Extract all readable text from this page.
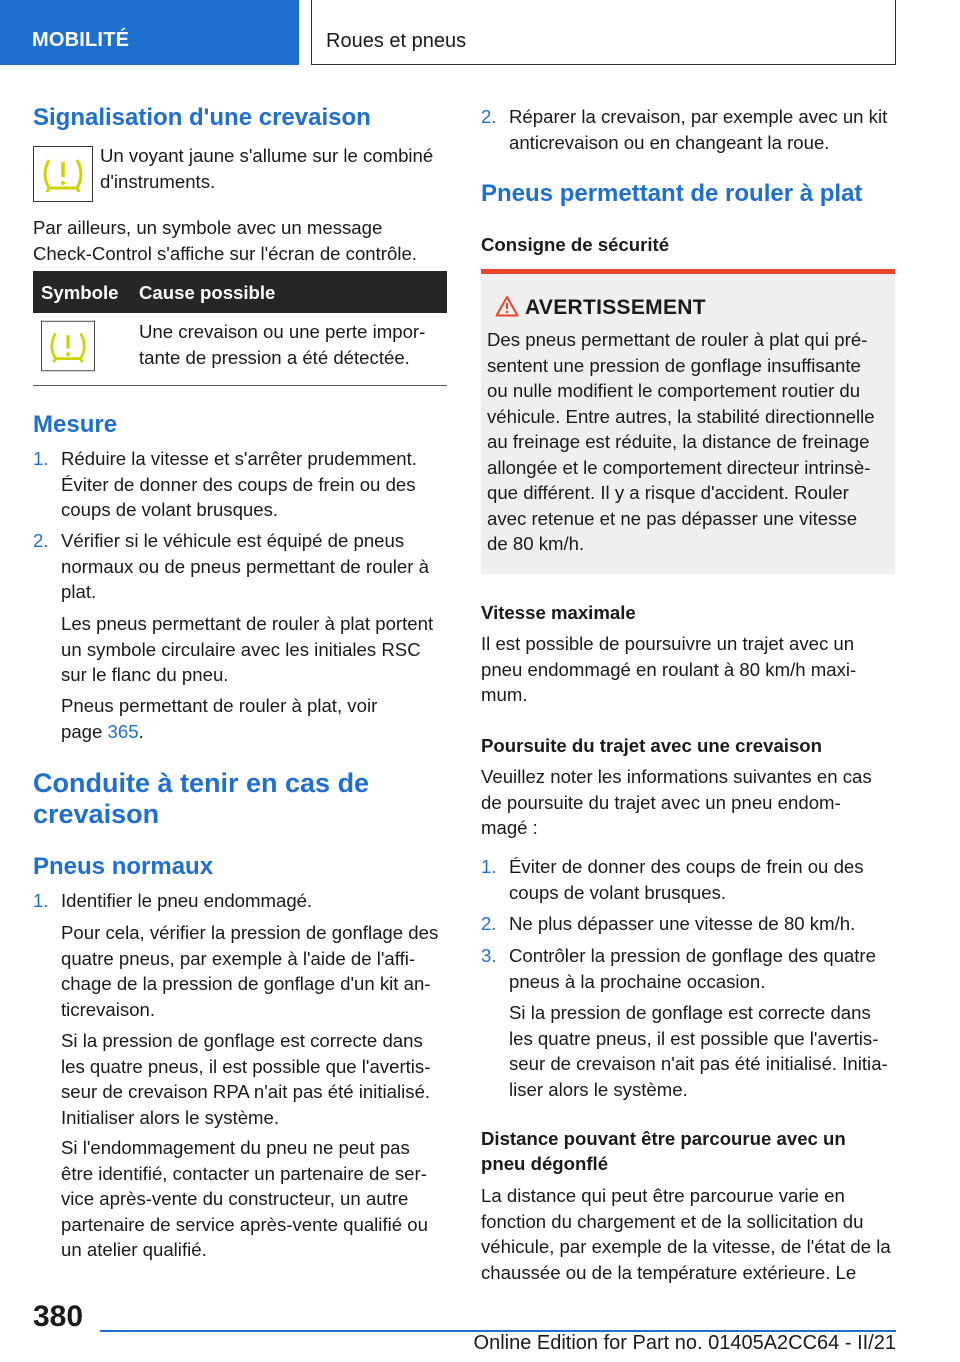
MOBILITÉ	Roues et pneus
Signalisation d'une crevaison
Un voyant jaune s'allume sur le combiné
d'instruments.
Par ailleurs, un symbole avec un message
Check-Control s'affiche sur l'écran de contrôle.
Symbole Cause possible
Une crevaison ou une perte impor-
tante de pression a été détectée.
Mesure
1. Réduire la vitesse et s'arrêter prudemment.
Éviter de donner des coups de frein ou des
coups de volant brusques.
2. Vérifier si le véhicule est équipé de pneus
normaux ou de pneus permettant de rouler à
plat.
Les pneus permettant de rouler à plat portent
un symbole circulaire avec les initiales RSC
sur le flanc du pneu.
Pneus permettant de rouler à plat, voir
page 365.
Conduite à tenir en cas de
crevaison
Pneus normaux
1. Identifier le pneu endommagé.
Pour cela, vérifier la pression de gonflage des
quatre pneus, par exemple à l'aide de l'affi-
chage de la pression de gonflage d'un kit an-
ticrevaison.
Si la pression de gonflage est correcte dans
les quatre pneus, il est possible que l'avertis-
seur de crevaison RPA n'ait pas été initialisé.
Initialiser alors le système.
Si l'endommagement du pneu ne peut pas
être identifié, contacter un partenaire de ser-
vice après-vente du constructeur, un autre
partenaire de service après-vente qualifié ou
un atelier qualifié.
2. Réparer la crevaison, par exemple avec un kit
anticrevaison ou en changeant la roue.
Pneus permettant de rouler à plat
Consigne de sécurité
AVERTISSEMENT
Des pneus permettant de rouler à plat qui pré-
sentent une pression de gonflage insuffisante
ou nulle modifient le comportement routier du
véhicule. Entre autres, la stabilité directionnelle
au freinage est réduite, la distance de freinage
allongée et le comportement directeur intrinsè-
que différent. Il y a risque d'accident. Rouler
avec retenue et ne pas dépasser une vitesse
de 80 km/h.
Vitesse maximale
Il est possible de poursuivre un trajet avec un
pneu endommagé en roulant à 80 km/h maxi-
mum.
Poursuite du trajet avec une crevaison
Veuillez noter les informations suivantes en cas
de poursuite du trajet avec un pneu endom-
magé :
1. Éviter de donner des coups de frein ou des
coups de volant brusques.
2. Ne plus dépasser une vitesse de 80 km/h.
3. Contrôler la pression de gonflage des quatre
pneus à la prochaine occasion.
Si la pression de gonflage est correcte dans
les quatre pneus, il est possible que l'avertis-
seur de crevaison n'ait pas été initialisé. Initia-
liser alors le système.
Distance pouvant être parcourue avec un
pneu dégonflé
La distance qui peut être parcourue varie en
fonction du chargement et de la sollicitation du
véhicule, par exemple de la vitesse, de l'état de la
chaussée ou de la température extérieure. Le
380
Online Edition for Part no. 01405A2CC64 - II/21
